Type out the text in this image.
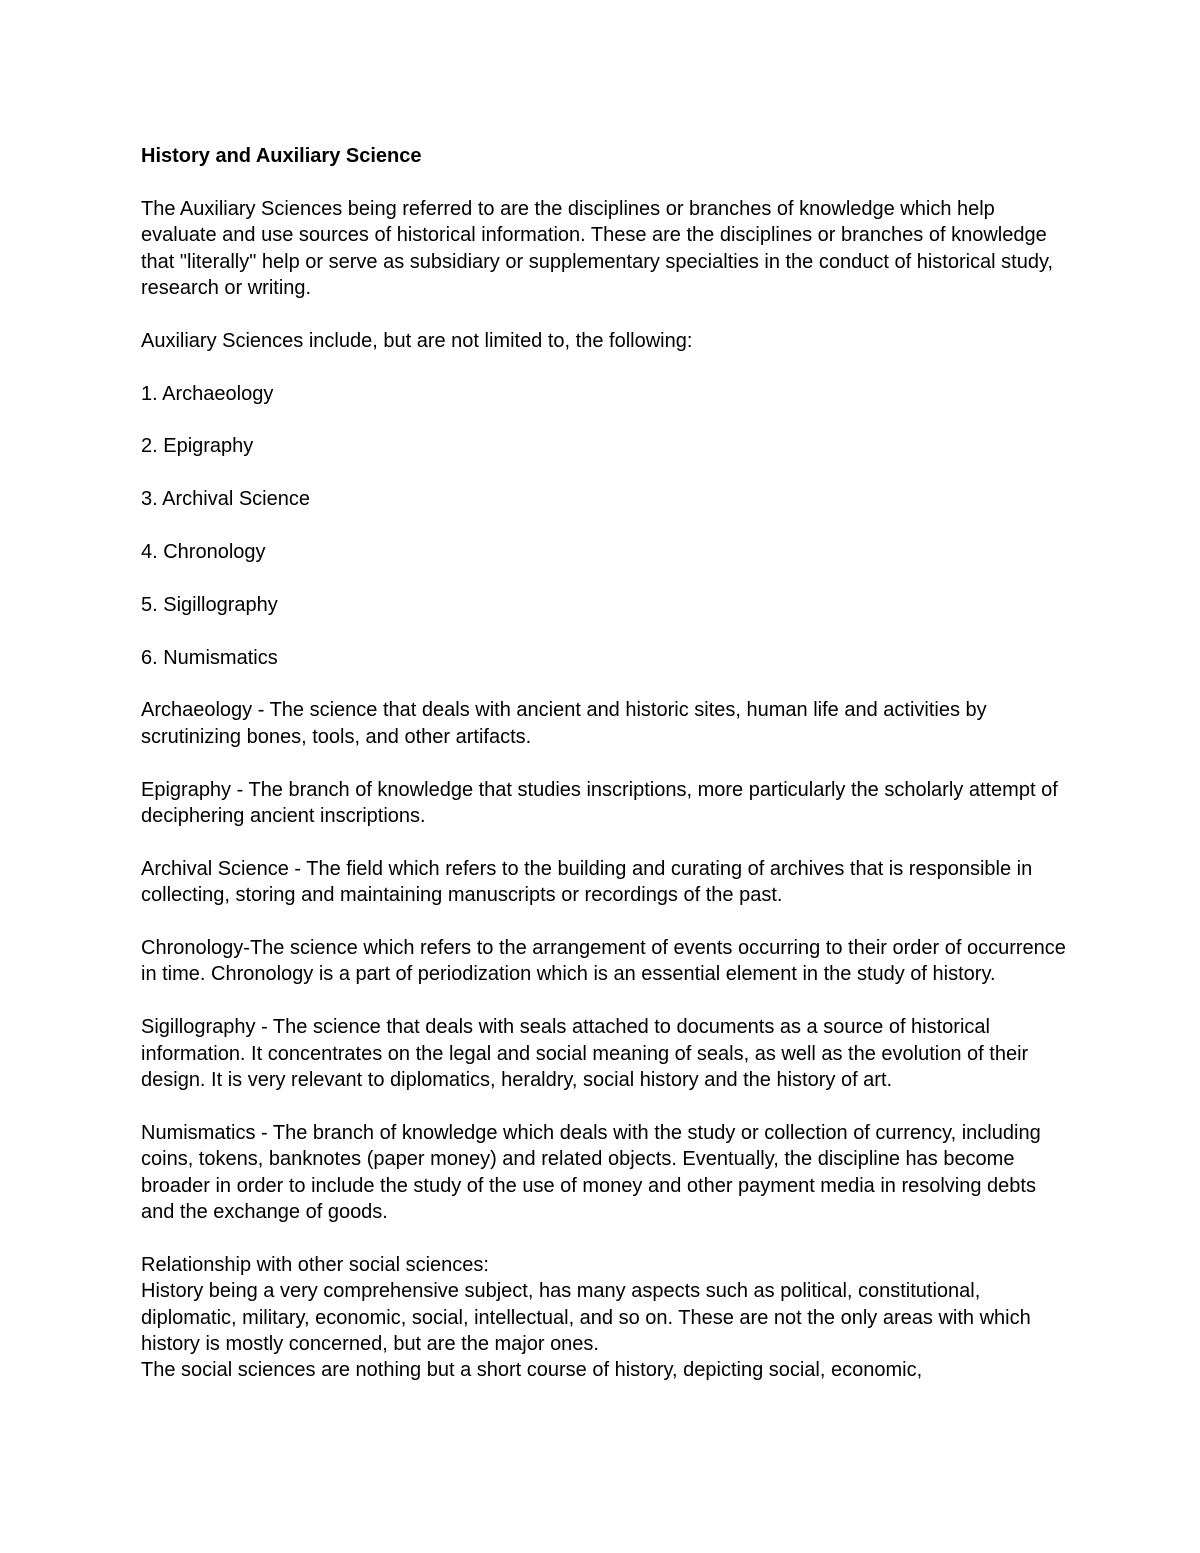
History and Auxiliary Science
The Auxiliary Sciences being referred to are the disciplines or branches of knowledge which help evaluate and use sources of historical information. These are the disciplines or branches of knowledge that "literally" help or serve as subsidiary or supplementary specialties in the conduct of historical study, research or writing.
Auxiliary Sciences include, but are not limited to, the following:
1. Archaeology
2. Epigraphy
3. Archival Science
4. Chronology
5. Sigillography
6. Numismatics
Archaeology - The science that deals with ancient and historic sites, human life and activities by scrutinizing bones, tools, and other artifacts.
Epigraphy - The branch of knowledge that studies inscriptions, more particularly the scholarly attempt of deciphering ancient inscriptions.
Archival Science - The field which refers to the building and curating of archives that is responsible in collecting, storing and maintaining manuscripts or recordings of the past.
Chronology-The science which refers to the arrangement of events occurring to their order of occurrence in time. Chronology is a part of periodization which is an essential element in the study of history.
Sigillography - The science that deals with seals attached to documents as a source of historical information. It concentrates on the legal and social meaning of seals, as well as the evolution of their design. It is very relevant to diplomatics, heraldry, social history and the history of art.
Numismatics - The branch of knowledge which deals with the study or collection of currency, including coins, tokens, banknotes (paper money) and related objects. Eventually, the discipline has become broader in order to include the study of the use of money and other payment media in resolving debts and the exchange of goods.
Relationship with other social sciences:
History being a very comprehensive subject, has many aspects such as political, constitutional, diplomatic, military, economic, social, intellectual, and so on. These are not the only areas with which history is mostly concerned, but are the major ones.
The social sciences are nothing but a short course of history, depicting social, economic,
